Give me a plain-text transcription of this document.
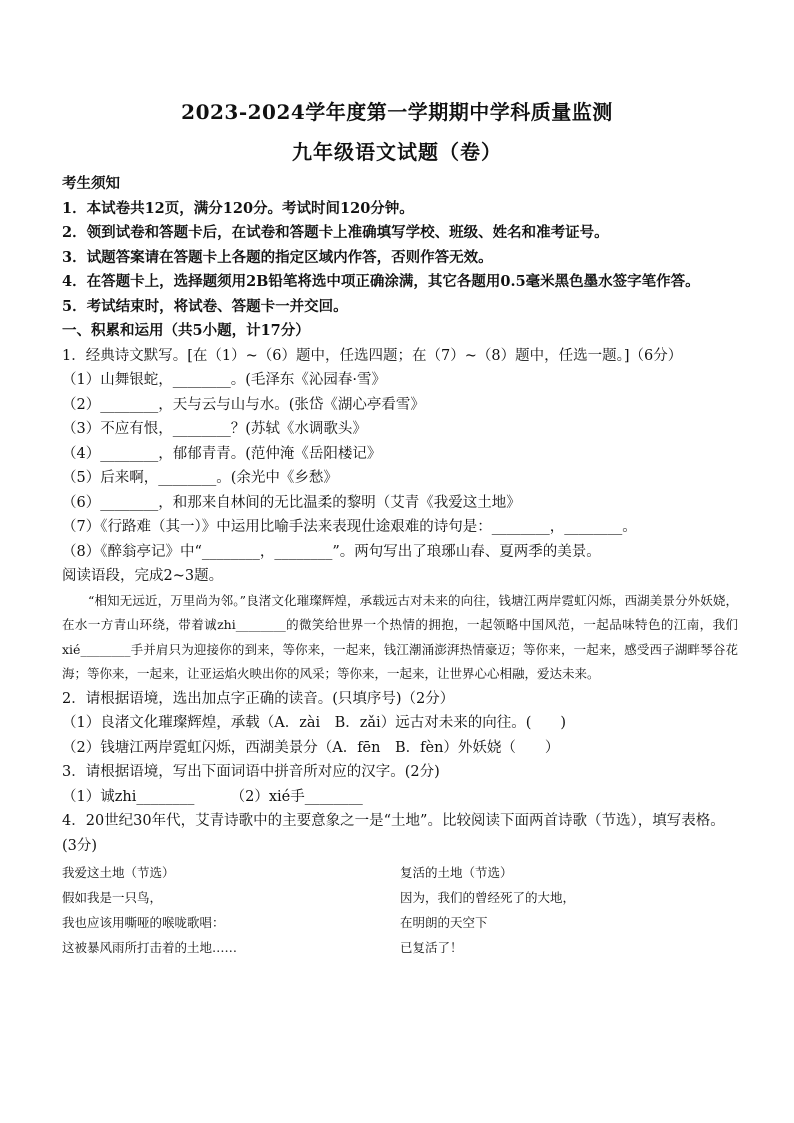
2023-2024学年度第一学期期中学科质量监测
九年级语文试题（卷）
考生须知
1．本试卷共12页，满分120分。考试时间120分钟。
2．领到试卷和答题卡后，在试卷和答题卡上准确填写学校、班级、姓名和准考证号。
3．试题答案请在答题卡上各题的指定区域内作答，否则作答无效。
4．在答题卡上，选择题须用2B铅笔将选中项正确涂满，其它各题用0.5毫米黑色墨水签字笔作答。
5．考试结束时，将试卷、答题卡一并交回。
一、积累和运用（共5小题，计17分）
1．经典诗文默写。[在（1）~（6）题中，任选四题；在（7）~（8）题中，任选一题。]（6分）
（1）山舞银蛇，________。(毛泽东《沁园春·雪》
（2）________，天与云与山与水。(张岱《湖心亭看雪》
（3）不应有恨，________？(苏轼《水调歌头》
（4）________，郁郁青青。(范仲淹《岳阳楼记》
（5）后来啊，________。(余光中《乡愁》
（6）________，和那来自林间的无比温柔的黎明（艾青《我爱这土地》
（7）《行路难（其一）》中运用比喻手法来表现仕途艰难的诗句是：________，________。
（8）《醉翁亭记》中“________，________”。两句写出了琅琊山春、夏两季的美景。
阅读语段，完成2~3题。
“相知无远近，万里尚为邻。”良渚文化璀璨辉煌，承载远古对未来的向往，钱塘江两岸霓虹闪烁，西湖美景分外妖娆，在水一方青山环绕，带着诚zhi________的微笑给世界一个热情的拥抱，一起领略中国风范，一起品味特色的江南，我们xié________手并肩只为迎接你的到来，等你来，一起来，钱江潮涌澎湃热情豪迈；等你来，一起来，感受西子湖畔琴谷花海；等你来，一起来，让亚运焰火映出你的风采；等你来，一起来，让世界心心相融，爱达未来。
2．请根据语境，选出加点字正确的读音。(只填序号)（2分）
（1）良渚文化璀璨辉煌，承载（A．zài　B．zǎi）远古对未来的向往。(　　)
（2）钱塘江两岸霓虹闪烁，西湖美景分（A．fēn　B．fèn）外妖娆（　　）
3．请根据语境，写出下面词语中拼音所对应的汉字。(2分)
（1）诚zhi________　　　（2）xié手________
4．20世纪30年代，艾青诗歌中的主要意象之一是“土地”。比较阅读下面两首诗歌（节选），填写表格。(3分)
我爱这土地（节选）
假如我是一只鸟，
我也应该用嘶哑的喉咙歌唱：
这被暴风雨所打击着的土地……
复活的土地（节选）
因为，我们的曾经死了的大地，
在明朗的天空下
已复活了！
